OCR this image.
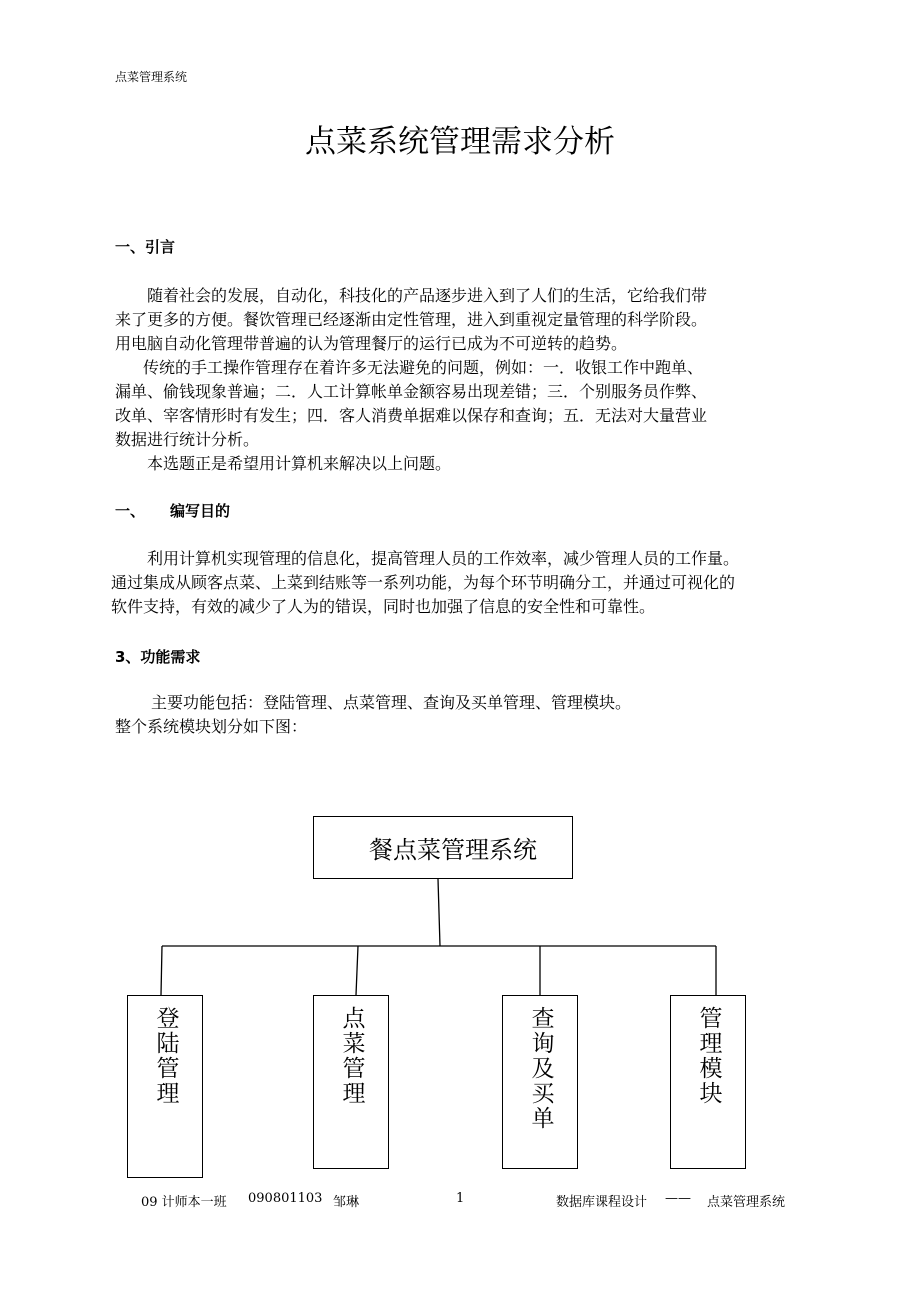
点菜管理系统
点菜系统管理需求分析
一、引言
随着社会的发展，自动化，科技化的产品逐步进入到了人们的生活，它给我们带
来了更多的方便。餐饮管理已经逐渐由定性管理，进入到重视定量管理的科学阶段。
用电脑自动化管理带普遍的认为管理餐厅的运行已成为不可逆转的趋势。
传统的手工操作管理存在着许多无法避免的问题，例如：一．收银工作中跑单、
漏单、偷钱现象普遍；二．人工计算帐单金额容易出现差错；三．个别服务员作弊、
改单、宰客情形时有发生；四．客人消费单据难以保存和查询；五．无法对大量营业
数据进行统计分析。
本选题正是希望用计算机来解决以上问题。
一、 编写目的
利用计算机实现管理的信息化，提高管理人员的工作效率，减少管理人员的工作量。
通过集成从顾客点菜、上菜到结账等一系列功能，为每个环节明确分工，并通过可视化的
软件支持，有效的减少了人为的错误，同时也加强了信息的安全性和可靠性。
3、功能需求
主要功能包括：登陆管理、点菜管理、查询及买单管理、管理模块。
整个系统模块划分如下图：
餐点菜管理系统
登陆管理	点菜管理	查询及买单	管理模块
09 计师本一班 090801103 邹琳	1	数据库课程设计 —— 点菜管理系统
